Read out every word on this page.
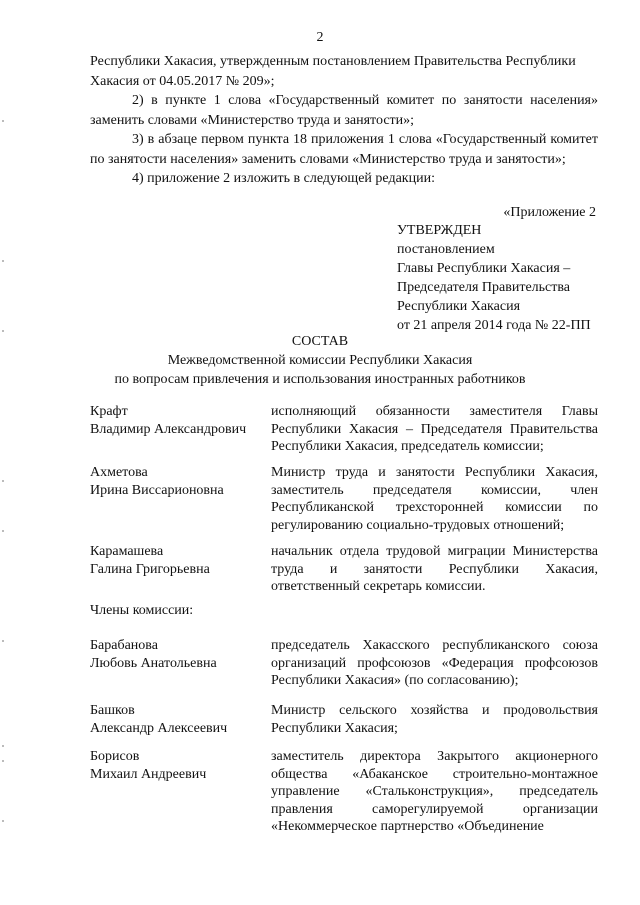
2

Республики Хакасия, утвержденным постановлением Правительства Республики

Хакасия от 04.05.2017 № 209»;

2) в пункте 1 слова «Государственный комитет по занятости населения» заменить словами «Министерство труда и занятости»;

3) в абзаце первом пункта 18 приложения 1 слова «Государственный комитет по занятости населения» заменить словами «Министерство труда и занятости»;

4) приложение 2 изложить в следующей редакции:

«Приложение 2
УТВЕРЖДЕН
постановлением
Главы Республики Хакасия –
Председателя Правительства
Республики Хакасия
от 21 апреля 2014 года № 22-ПП
СОСТАВ
Межведомственной комиссии Республики Хакасия
по вопросам привлечения и использования иностранных работников
Крафт
Владимир Александрович
исполняющий обязанности заместителя Главы Республики Хакасия – Председателя Правительства Республики Хакасия, председатель комиссии;
Ахметова
Ирина Виссарионовна
Министр труда и занятости Республики Хакасия, заместитель председателя комиссии, член Республиканской трехсторонней комиссии по регулированию социально-трудовых отношений;
Карамашева
Галина Григорьевна
начальник отдела трудовой миграции Министерства труда и занятости Республики Хакасия, ответственный секретарь комиссии.
Члены комиссии:
Барабанова
Любовь Анатольевна
председатель Хакасского республиканского союза организаций профсоюзов «Федерация профсоюзов Республики Хакасия» (по согласованию);
Башков
Александр Алексеевич
Министр сельского хозяйства и продовольствия Республики Хакасия;
Борисов
Михаил Андреевич
заместитель директора Закрытого акционерного общества «Абаканское строительно-монтажное управление «Стальконструкция», председатель правления саморегулируемой организации «Некоммерческое партнерство «Объединение
